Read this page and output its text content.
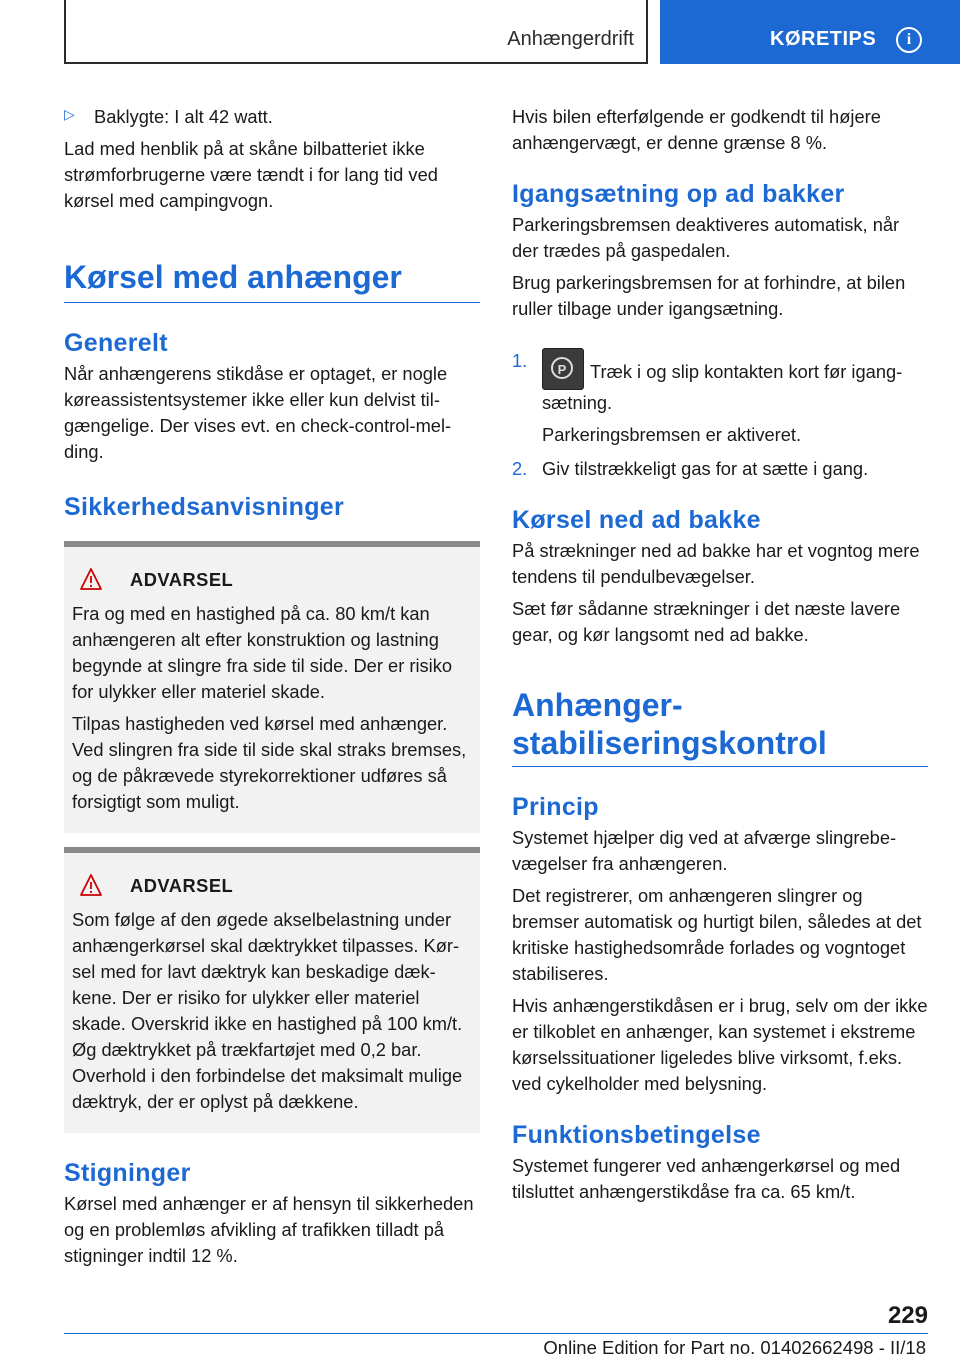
Anhængerdrift	KØRETIPS	i
▷	Baklygte: I alt 42 watt.

Lad med henblik på at skåne bilbatteriet ikke strømforbrugerne være tændt i for lang tid ved kørsel med campingvogn.

Kørsel med anhænger
Generelt

Når anhængerens stikdåse er optaget, er nogle køreassistentsystemer ikke eller kun delvist tilgængelige. Der vises evt. en check-control-melding.

Sikkerhedsanvisninger
ADVARSEL

Fra og med en hastighed på ca. 80 km/t kan anhængeren alt efter konstruktion og lastning begynde at slingre fra side til side. Der er risiko for ulykker eller materiel skade.

Tilpas hastigheden ved kørsel med anhænger. Ved slingren fra side til side skal straks bremses, og de påkrævede styrekorrektioner udføres så forsigtigt som muligt.

ADVARSEL

Som følge af den øgede akselbelastning under anhængerkørsel skal dæktrykket tilpasses. Kørsel med for lavt dæktryk kan beskadige dækkene. Der er risiko for ulykker eller materiel skade. Overskrid ikke en hastighed på 100 km/t. Øg dæktrykket på trækfartøjet med 0,2 bar. Overhold i den forbindelse det maksimalt mulige dæktryk, der er oplyst på dækkene.

Stigninger

Kørsel med anhænger er af hensyn til sikkerheden og en problemløs afvikling af trafikken tilladt på stigninger indtil 12 %.

Hvis bilen efterfølgende er godkendt til højere anhængervægt, er denne grænse 8 %.

Igangsætning op ad bakker

Parkeringsbremsen deaktiveres automatisk, når der trædes på gaspedalen.

Brug parkeringsbremsen for at forhindre, at bilen ruller tilbage under igangsætning.

1.	P	Træk i og slip kontakten kort før igangsætning.

Parkeringsbremsen er aktiveret.

2. Giv tilstrækkeligt gas for at sætte i gang.

Kørsel ned ad bakke

På strækninger ned ad bakke har et vogntog mere tendens til pendulbevægelser.

Sæt før sådanne strækninger i det næste lavere gear, og kør langsomt ned ad bakke.

Anhænger-
stabiliseringskontrol
Princip

Systemet hjælper dig ved at afværge slingrebevægelser fra anhængeren.

Det registrerer, om anhængeren slingrer og bremser automatisk og hurtigt bilen, således at det kritiske hastighedsområde forlades og vogntoget stabiliseres.

Hvis anhængerstikdåsen er i brug, selv om der ikke er tilkoblet en anhænger, kan systemet i ekstreme kørselssituationer ligeledes blive virksomt, f.eks. ved cykelholder med belysning.

Funktionsbetingelse

Systemet fungerer ved anhængerkørsel og med tilsluttet anhængerstikdåse fra ca. 65 km/t.

229
Online Edition for Part no. 01402662498 - II/18
